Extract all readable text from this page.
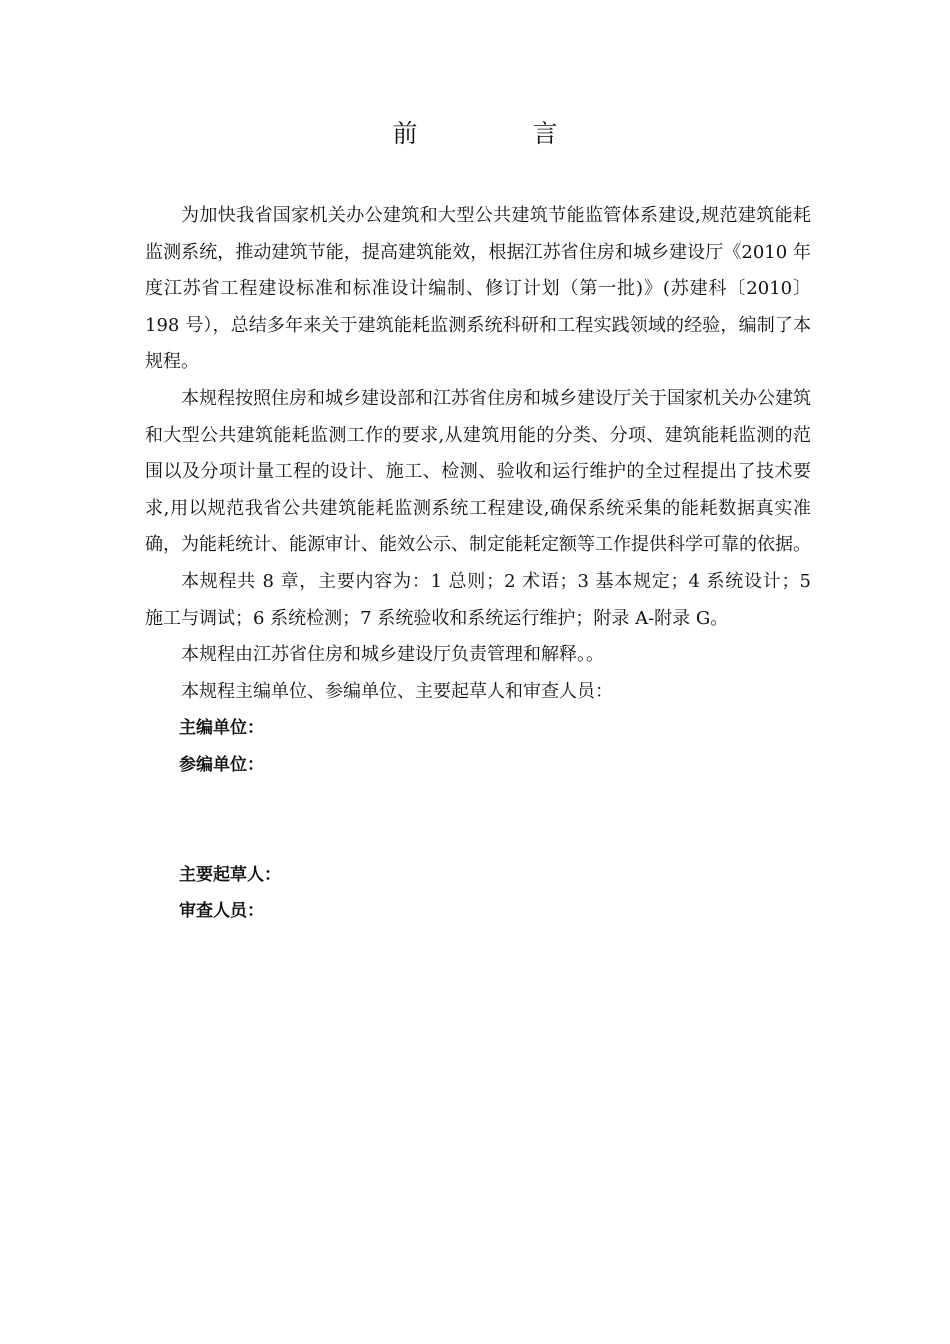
前　言

为加快我省国家机关办公建筑和大型公共建筑节能监管体系建设,规范建筑能耗监测系统，推动建筑节能，提高建筑能效，根据江苏省住房和城乡建设厅《2010 年度江苏省工程建设标准和标准设计编制、修订计划（第一批)》(苏建科〔2010〕198 号），总结多年来关于建筑能耗监测系统科研和工程实践领域的经验，编制了本规程。

本规程按照住房和城乡建设部和江苏省住房和城乡建设厅关于国家机关办公建筑和大型公共建筑能耗监测工作的要求,从建筑用能的分类、分项、建筑能耗监测的范围以及分项计量工程的设计、施工、检测、验收和运行维护的全过程提出了技术要求,用以规范我省公共建筑能耗监测系统工程建设,确保系统采集的能耗数据真实准确，为能耗统计、能源审计、能效公示、制定能耗定额等工作提供科学可靠的依据。

本规程共 8 章，主要内容为：1 总则；2 术语；3 基本规定；4 系统设计；5 施工与调试；6 系统检测；7 系统验收和系统运行维护；附录 A-附录 G。

本规程由江苏省住房和城乡建设厅负责管理和解释。。

本规程主编单位、参编单位、主要起草人和审查人员：

主编单位：

参编单位：

主要起草人：

审查人员：
